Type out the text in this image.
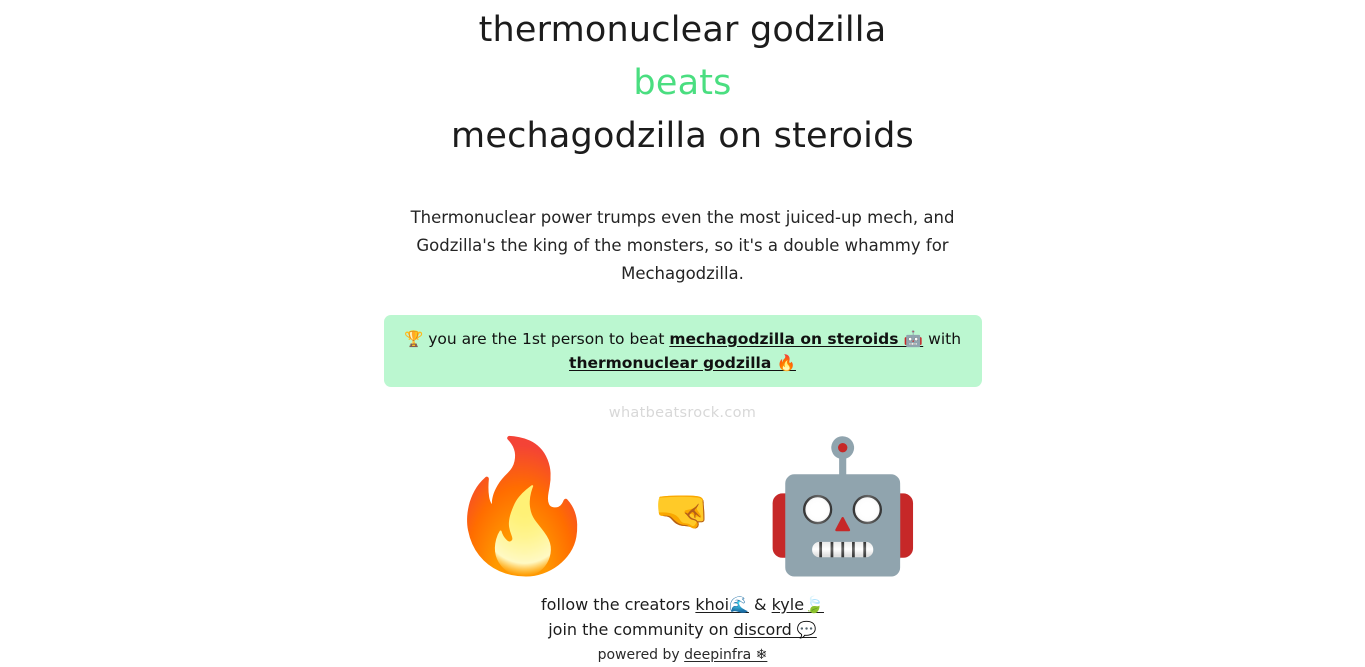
thermonuclear godzilla
beats
mechagodzilla on steroids
Thermonuclear power trumps even the most juiced-up mech, and Godzilla's the king of the monsters, so it's a double whammy for Mechagodzilla.
🏆 you are the 1st person to beat mechagodzilla on steroids 🤖 with thermonuclear godzilla 🔥
whatbeatsrock.com
🔥 🤜 🤖
follow the creators khoi🌊 & kyle🍃
join the community on discord 💬
powered by deepinfra ❄
